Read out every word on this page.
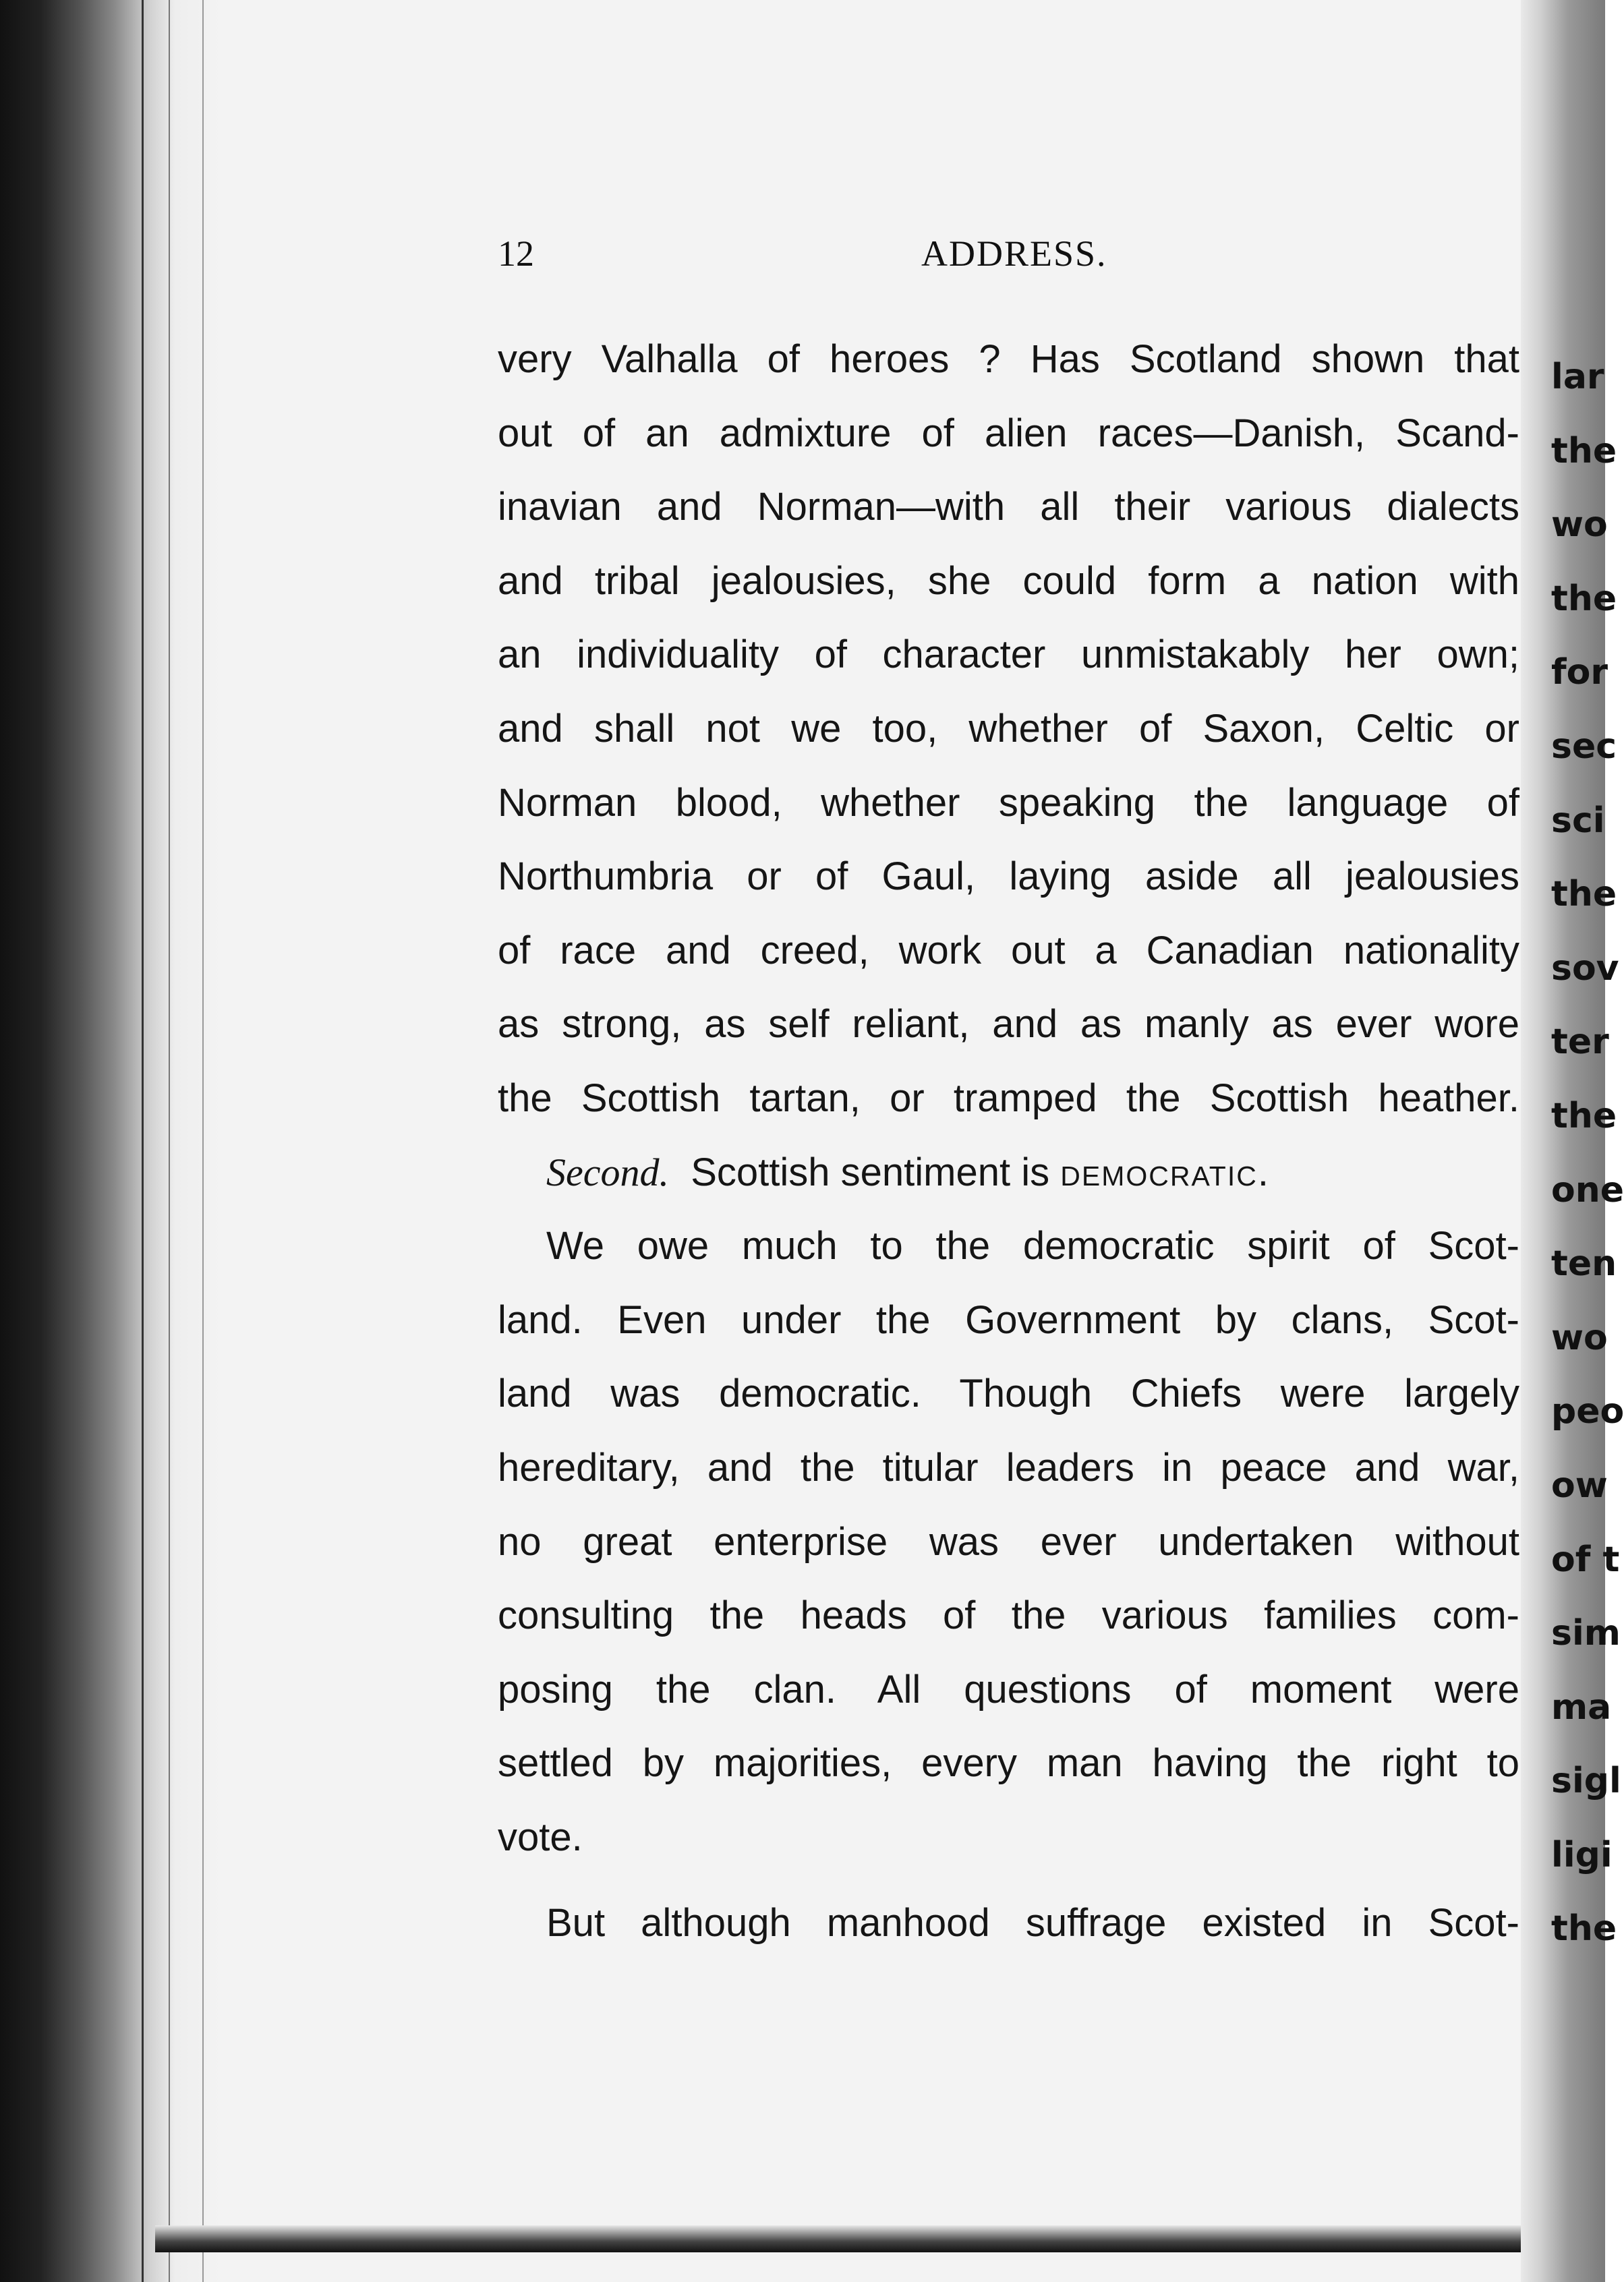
lar
the
wo
the
for
sec
sci
the
sov
ter
the
one
ten
wo
peo
ow
of t
sim
ma
sigl
ligi
the
12	ADDRESS.
very Valhalla of heroes ? Has Scotland shown that
out of an admixture of alien races—Danish, Scand-
inavian and Norman—with all their various dialects
and tribal jealousies, she could form a nation with
an individuality of character unmistakably her own;
and shall not we too, whether of Saxon, Celtic or
Norman blood, whether speaking the language of
Northumbria or of Gaul, laying aside all jealousies
of race and creed, work out a Canadian nationality
as strong, as self reliant, and as manly as ever wore
the Scottish tartan, or tramped the Scottish heather.
Second. Scottish sentiment is democratic.
We owe much to the democratic spirit of Scot-
land. Even under the Government by clans, Scot-
land was democratic. Though Chiefs were largely
hereditary, and the titular leaders in peace and war,
no great enterprise was ever undertaken without
consulting the heads of the various families com-
posing the clan. All questions of moment were
settled by majorities, every man having the right to
vote.
But although manhood suffrage existed in Scot-
